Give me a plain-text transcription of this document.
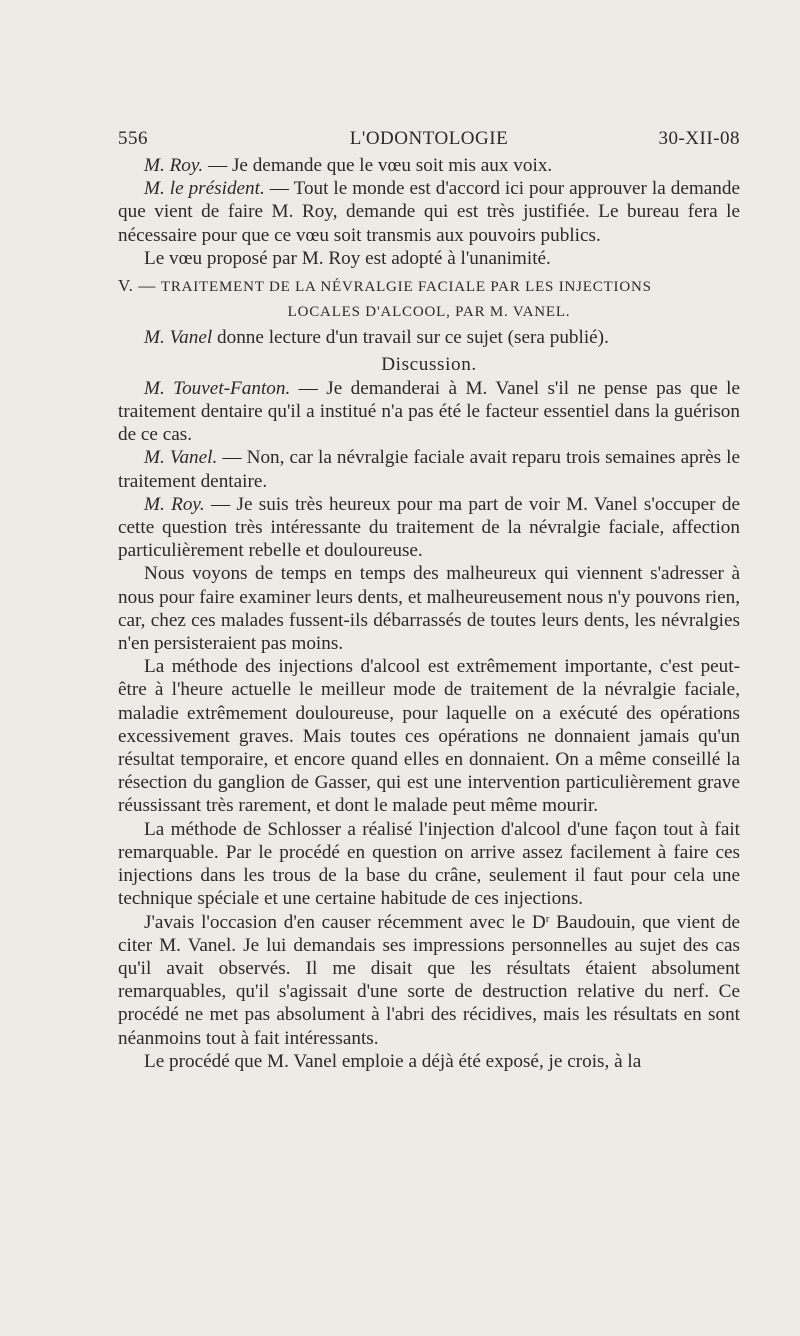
556	L'ODONTOLOGIE	30-XII-08

M. Roy. — Je demande que le vœu soit mis aux voix.

M. le président. — Tout le monde est d'accord ici pour approuver la demande que vient de faire M. Roy, demande qui est très justifiée. Le bureau fera le nécessaire pour que ce vœu soit transmis aux pouvoirs publics.

Le vœu proposé par M. Roy est adopté à l'unanimité.

V. — TRAITEMENT DE LA NÉVRALGIE FACIALE PAR LES INJECTIONS
LOCALES D'ALCOOL, PAR M. VANEL.

M. Vanel donne lecture d'un travail sur ce sujet (sera publié).

Discussion.

M. Touvet-Fanton. — Je demanderai à M. Vanel s'il ne pense pas que le traitement dentaire qu'il a institué n'a pas été le facteur essentiel dans la guérison de ce cas.

M. Vanel. — Non, car la névralgie faciale avait reparu trois semaines après le traitement dentaire.

M. Roy. — Je suis très heureux pour ma part de voir M. Vanel s'occuper de cette question très intéressante du traitement de la névralgie faciale, affection particulièrement rebelle et douloureuse.

Nous voyons de temps en temps des malheureux qui viennent s'adresser à nous pour faire examiner leurs dents, et malheureusement nous n'y pouvons rien, car, chez ces malades fussent-ils débarrassés de toutes leurs dents, les névralgies n'en persisteraient pas moins.

La méthode des injections d'alcool est extrêmement importante, c'est peut-être à l'heure actuelle le meilleur mode de traitement de la névralgie faciale, maladie extrêmement douloureuse, pour laquelle on a exécuté des opérations excessivement graves. Mais toutes ces opérations ne donnaient jamais qu'un résultat temporaire, et encore quand elles en donnaient. On a même conseillé la résection du ganglion de Gasser, qui est une intervention particulièrement grave réussissant très rarement, et dont le malade peut même mourir.

La méthode de Schlosser a réalisé l'injection d'alcool d'une façon tout à fait remarquable. Par le procédé en question on arrive assez facilement à faire ces injections dans les trous de la base du crâne, seulement il faut pour cela une technique spéciale et une certaine habitude de ces injections.

J'avais l'occasion d'en causer récemment avec le $D^r$ Baudouin, que vient de citer M. Vanel. Je lui demandais ses impressions personnelles au sujet des cas qu'il avait observés. Il me disait que les résultats étaient absolument remarquables, qu'il s'agissait d'une sorte de destruction relative du nerf. Ce procédé ne met pas absolument à l'abri des récidives, mais les résultats en sont néanmoins tout à fait intéressants.

Le procédé que M. Vanel emploie a déjà été exposé, je crois, à la
